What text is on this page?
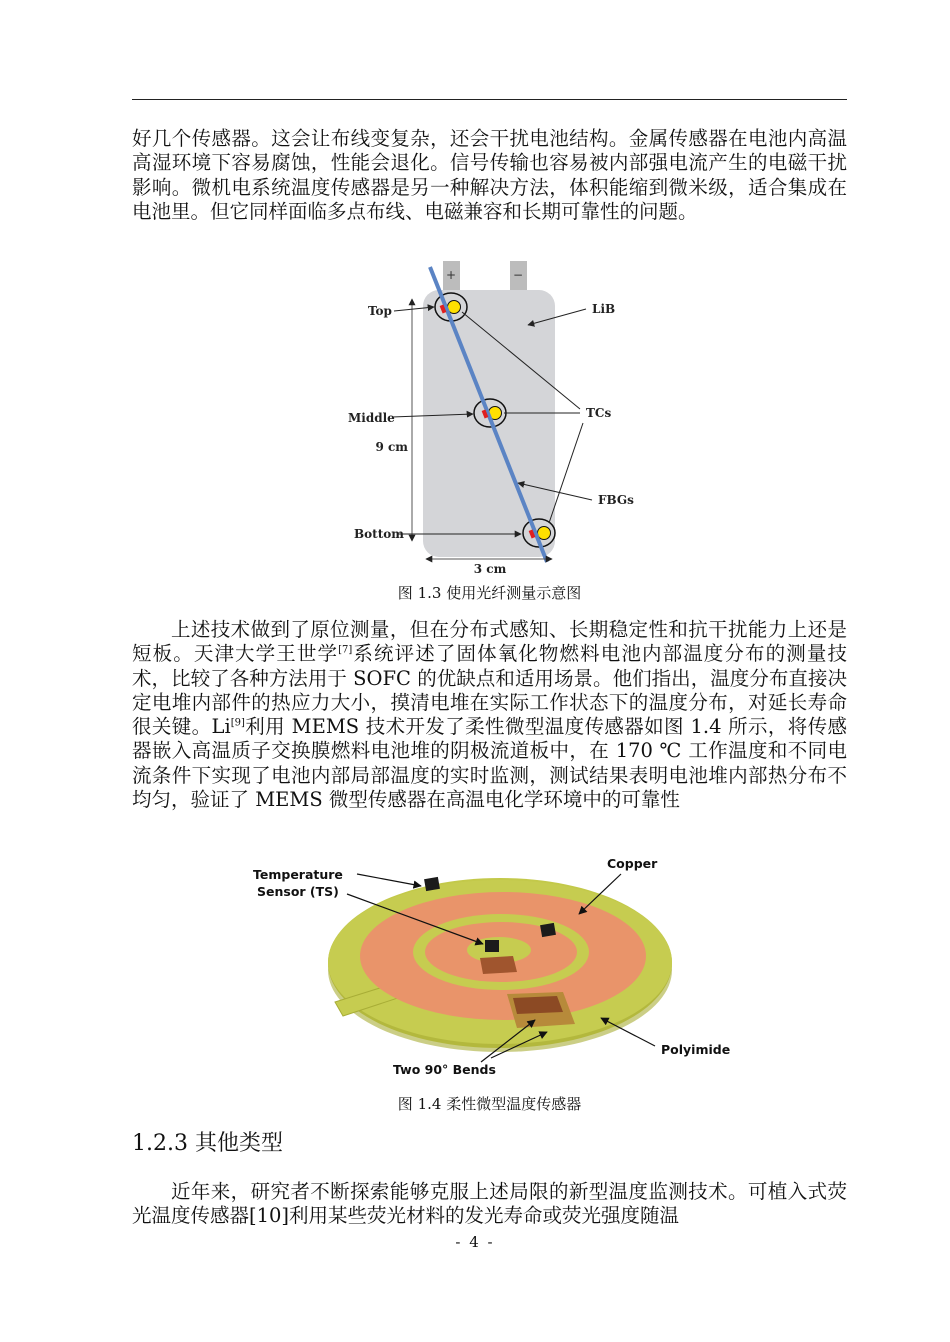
好几个传感器。这会让布线变复杂，还会干扰电池结构。金属传感器在电池内高温高湿环境下容易腐蚀，性能会退化。信号传输也容易被内部强电流产生的电磁干扰影响。微机电系统温度传感器是另一种解决方法，体积能缩到微米级，适合集成在电池里。但它同样面临多点布线、电磁兼容和长期可靠性的问题。

+	−
9 cm
3 cm
Top
Middle
Bottom
LiB
TCs
FBGs
图 1.3 使用光纤测量示意图

上述技术做到了原位测量，但在分布式感知、长期稳定性和抗干扰能力上还是短板。天津大学王世学[7]系统评述了固体氧化物燃料电池内部温度分布的测量技术，比较了各种方法用于 SOFC 的优缺点和适用场景。他们指出，温度分布直接决定电堆内部件的热应力大小，摸清电堆在实际工作状态下的温度分布，对延长寿命很关键。Li[9]利用 MEMS 技术开发了柔性微型温度传感器如图 1.4 所示，将传感器嵌入高温质子交换膜燃料电池堆的阴极流道板中，在 170 ℃ 工作温度和不同电流条件下实现了电池内部局部温度的实时监测，测试结果表明电池堆内部热分布不均匀，验证了 MEMS 微型传感器在高温电化学环境中的可靠性

Temperature
Sensor (TS)
Copper
Polyimide
Two 90° Bends
图 1.4 柔性微型温度传感器
1.2.3 其他类型

近年来，研究者不断探索能够克服上述局限的新型温度监测技术。可植入式荧光温度传感器[10]利用某些荧光材料的发光寿命或荧光强度随温

- 4 -
